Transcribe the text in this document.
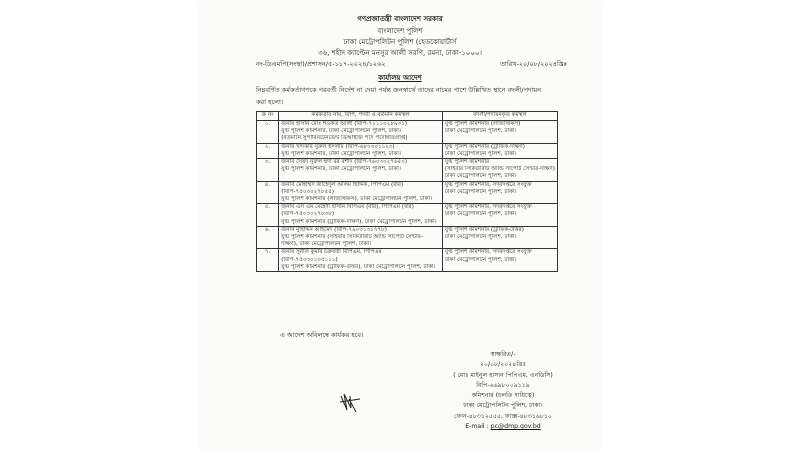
গণপ্রজাতন্ত্রী বাংলাদেশ সরকার
বাংলাদেশ পুলিশ
ঢাকা মেট্রোপলিটন পুলিশ (হেডকোয়ার্টার্স
৩৬, শহীদ ক্যাপ্টেন মনসুর আলী সরণি, রমনা, ঢাকা-১০০০।
নং-ডিএমপি(সংস্থা)/প্রশাসন/৫-১১৭-২০২৪/১২৬২	তারিখ-২০/০৮/২০২৪খ্রিঃ
কার্যালয় আদেশ
নিম্নবর্ণিত কর্মকর্তাগণকে পরবর্তী নির্দেশ না দেয়া পর্যন্ত জনস্বার্থে তাদের নামের পাশে উল্লিখিত স্থানে বদলী/পদায়ন
করা হলো।
ক্র নং	কর্মকর্তার নাম, বিপি, পদবী ও বর্তমান কর্মস্থল	বদলী/পদায়নকৃত কর্মস্থল
১.	জনাব হাসান মোঃ শওকত আলী (বিপি-৭১১১০২৮৯৩১)
যুগ্ম পুলিশ কমিশনার, ঢাকা মেট্রোপলিটন পুলিশ, ঢাকা।
(বর্তমানে সুপারিনটেনডেন্ট ডিআইজি পদে পদোন্নতিপ্রাপ্ত)	যুগ্ম পুলিশ কমিশনার (লজিস্টিকস)
ঢাকা মেট্রোপলিটন পুলিশ, ঢাকা।

২.	জনাব খন্দকার নুরুল ইসলাম (বিপি-৬৮০৩০১১২৩)
যুগ্ম পুলিশ কমিশনার, ঢাকা মেট্রোপলিটন পুলিশ, ঢাকা।	যুগ্ম পুলিশ কমিশনার (ট্রাফিক-দক্ষিণ)
ঢাকা মেট্রোপলিটন পুলিশ, ঢাকা।

৩.	জনাব সৈয়দ নুরুল হুদা বর রশীদ (বিপি-৭৬০৩০২৭৬৫০)
যুগ্ম পুলিশ কমিশনার, ঢাকা মেট্রোপলিটন পুলিশ, ঢাকা।	যুগ্ম পুলিশ কমিশনার
(সাইবার সিকিউরিটি অ্যান্ড সাপোর্ট সেন্টার-দক্ষিণ)
ঢাকা মেট্রোপলিটন পুলিশ, ঢাকা।

৪.	জনাব মোহাম্মদ জাহেদুল আলম ছিদ্দিক, পিপিএম (বার)
(বিপি-৭৫০৩০২৭৮৫৫)
যুগ্ম পুলিশ কমিশনার (লজিস্টিকস), ঢাকা মেট্রোপলিটন পুলিশ, ঢাকা।	যুগ্ম পুলিশ কমিশনার, সদরদপ্তরে সংযুক্ত
ঢাকা মেট্রোপলিটন পুলিশ, ঢাকা।

৫.	জনাব এস এম মেহেদী হাসান বিপিএম (বার), পিপিএম (বার)
(বিপি-৭৫০৩০২৭৮৩৮)
যুগ্ম পুলিশ কমিশনার (ট্রাফিক-দক্ষিণ), ঢাকা মেট্রোপলিটন পুলিশ, ঢাকা।	যুগ্ম পুলিশ কমিশনার, সদরদপ্তরে সংযুক্ত
ঢাকা মেট্রোপলিটন পুলিশ, ঢাকা।

৬.	জনাব মুহিদ্দিন আহমেদ (বিপি-৭৯০৩১৩১৭৭৮)
যুগ্ম পুলিশ কমিশনার (সাইবার সিকিউরিটি অ্যান্ড সাপোর্ট সেন্টার-
দক্ষিণ), ঢাকা মেট্রোপলিটন পুলিশ, ঢাকা।	যুগ্ম পুলিশ কমিশনার (ট্রাফিক-উত্তর)
ঢাকা মেট্রোপলিটন পুলিশ, ঢাকা।

৭.	জনাব সুনীল কুমার চক্রবর্তী বিপিএম, পিপিএম
(বিপি-৭৫০৩০১০৫১১১)
যুগ্ম পুলিশ কমিশনার (ট্রাফিক-উত্তর), ঢাকা মেট্রোপলিটন পুলিশ, ঢাকা।	যুগ্ম পুলিশ কমিশনার, সদরদপ্তরে সংযুক্ত
ঢাকা মেট্রোপলিটন পুলিশ, ঢাকা।
এ আদেশ অবিলম্বে কার্যকর হবে।
স্বাক্ষরিত/-
২০/০৮/২০২৪খ্রিঃ
( মোঃ মাইনুল হাসান পিপিএম, এনডিসি)
বিপি-৬৬৯৮০০৯১১৯
কমিশনার (চলতি দায়িত্বে)
ঢাকা মেট্রোপলিটন পুলিশ, ঢাকা।
ফোন-৪৮৩১২৫৫৫, ফ্যাক্স-৪৮৩১৬৮১০
E-mail : pc@dmp.gov.bd
